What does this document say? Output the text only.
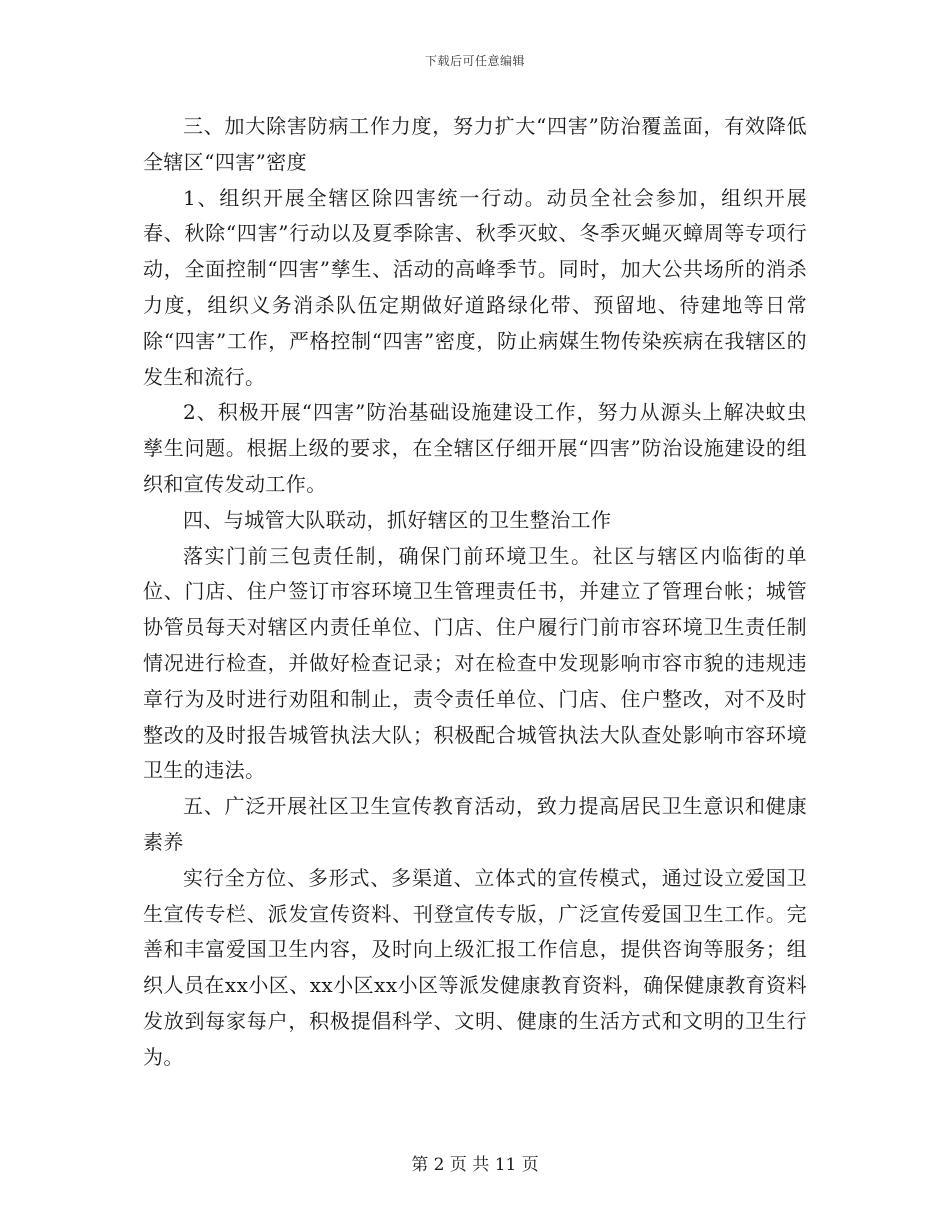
下载后可任意编辑

三、加大除害防病工作力度，努力扩大“四害”防治覆盖面，有效降低全辖区“四害”密度

1、组织开展全辖区除四害统一行动。动员全社会参加，组织开展春、秋除“四害”行动以及夏季除害、秋季灭蚊、冬季灭蝇灭蟑周等专项行动，全面控制“四害”孳生、活动的高峰季节。同时，加大公共场所的消杀力度，组织义务消杀队伍定期做好道路绿化带、预留地、待建地等日常除“四害”工作，严格控制“四害”密度，防止病媒生物传染疾病在我辖区的发生和流行。

2、积极开展“四害”防治基础设施建设工作，努力从源头上解决蚊虫孳生问题。根据上级的要求，在全辖区仔细开展“四害”防治设施建设的组织和宣传发动工作。

四、与城管大队联动，抓好辖区的卫生整治工作

落实门前三包责任制，确保门前环境卫生。社区与辖区内临街的单位、门店、住户签订市容环境卫生管理责任书，并建立了管理台帐；城管协管员每天对辖区内责任单位、门店、住户履行门前市容环境卫生责任制情况进行检查，并做好检查记录；对在检查中发现影响市容市貌的违规违章行为及时进行劝阻和制止，责令责任单位、门店、住户整改，对不及时整改的及时报告城管执法大队；积极配合城管执法大队查处影响市容环境卫生的违法。

五、广泛开展社区卫生宣传教育活动，致力提高居民卫生意识和健康素养

实行全方位、多形式、多渠道、立体式的宣传模式，通过设立爱国卫生宣传专栏、派发宣传资料、刊登宣传专版，广泛宣传爱国卫生工作。完善和丰富爱国卫生内容，及时向上级汇报工作信息，提供咨询等服务；组织人员在xx小区、xx小区xx小区等派发健康教育资料，确保健康教育资料发放到每家每户，积极提倡科学、文明、健康的生活方式和文明的卫生行为。

第 2 页 共 11 页
